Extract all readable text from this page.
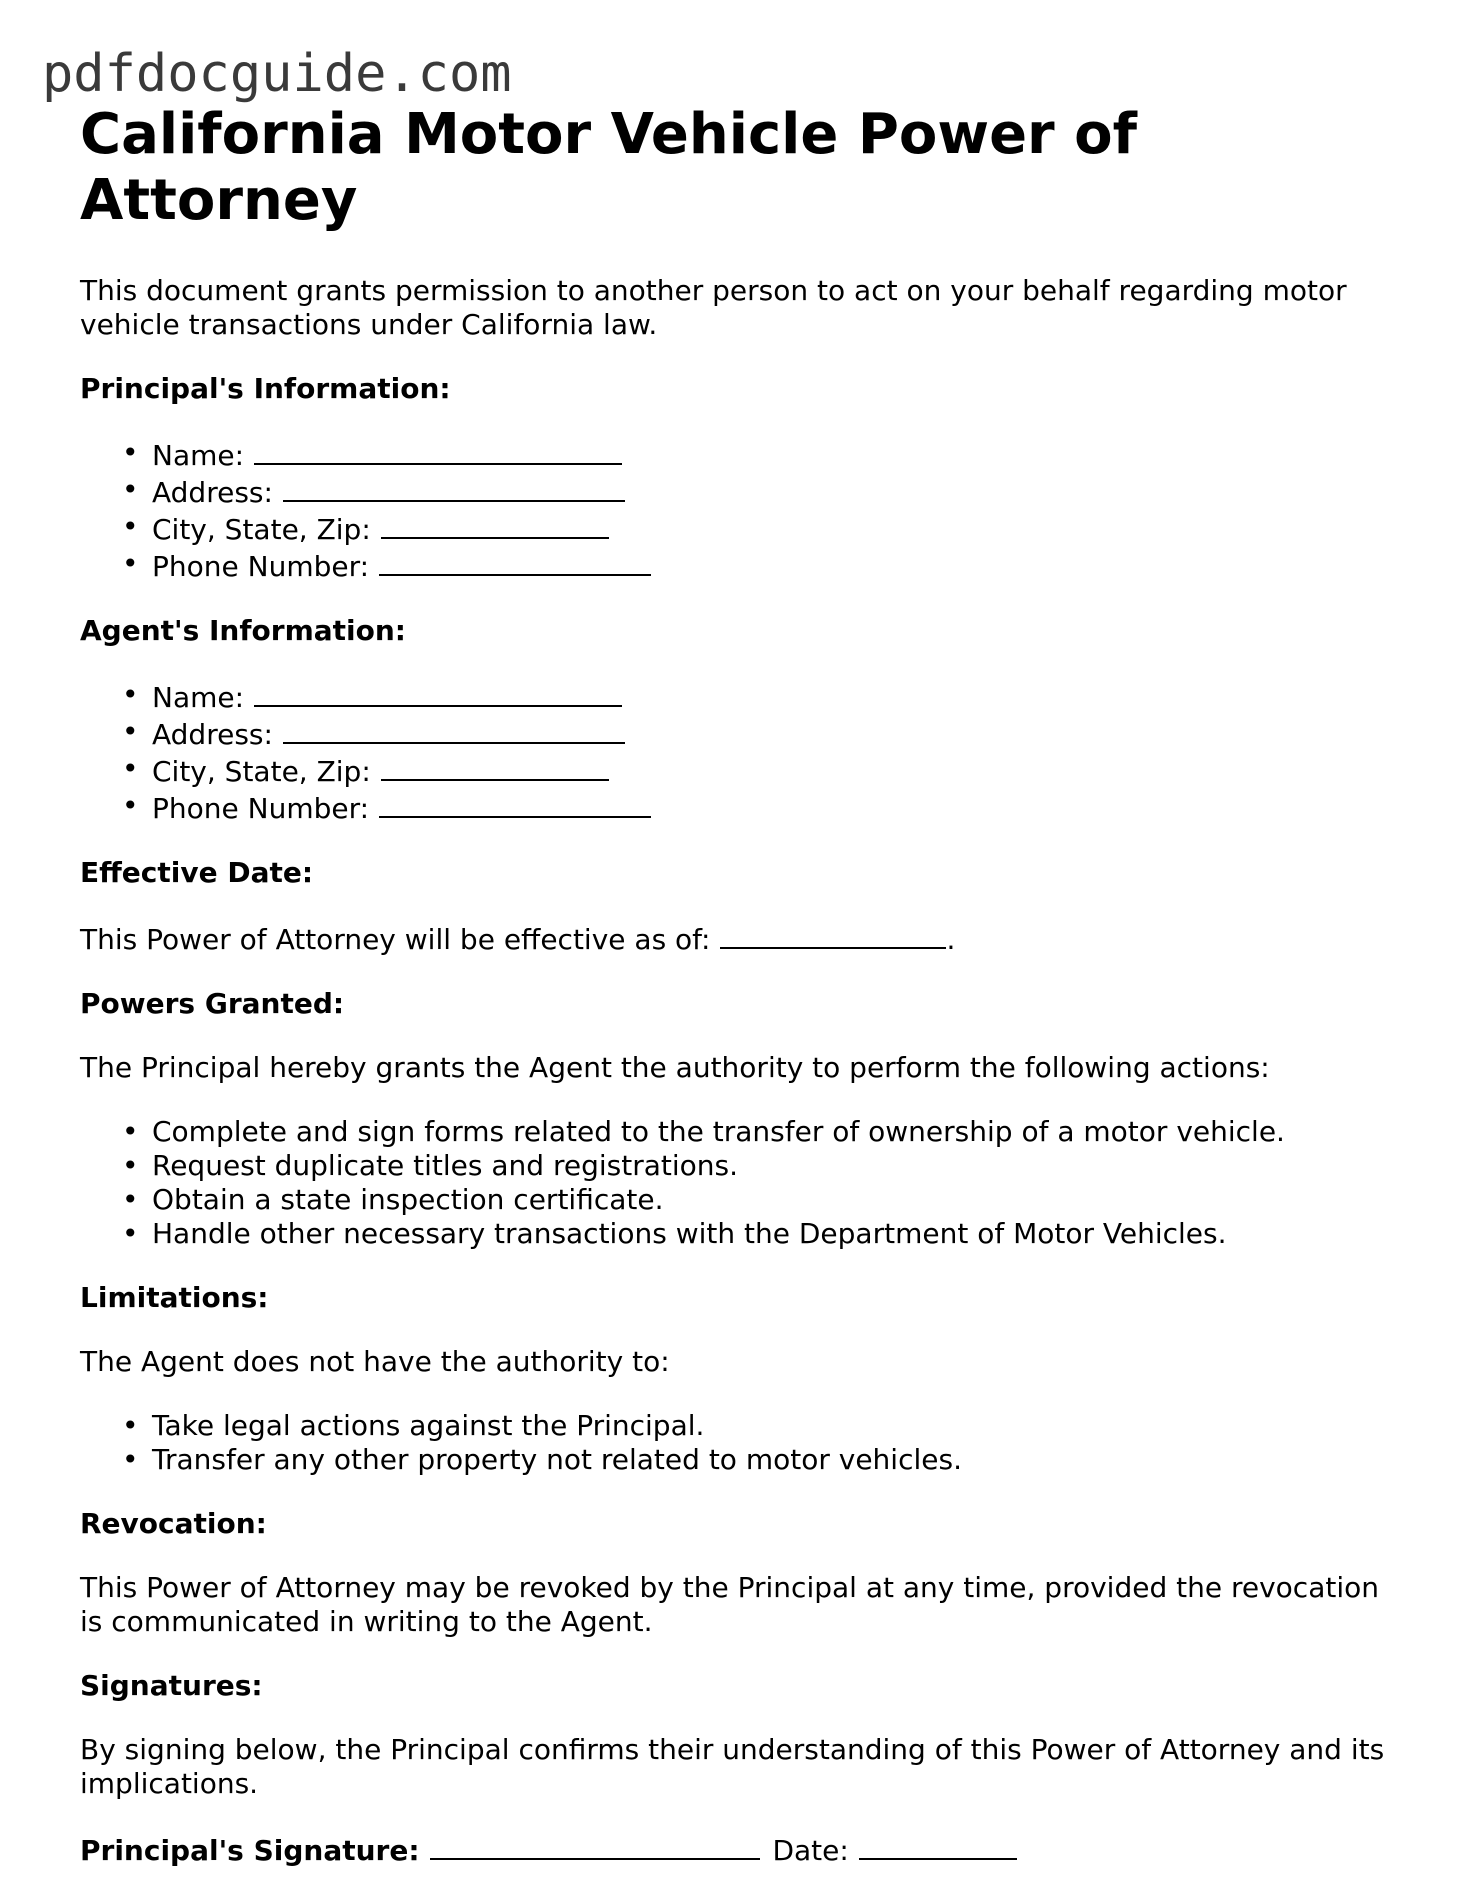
pdfdocguide.com
California Motor Vehicle Power of Attorney

This document grants permission to another person to act on your behalf regarding motor vehicle transactions under California law.

Principal's Information:
• Name:
• Address:
• City, State, Zip:
• Phone Number:
Agent's Information:
• Name:
• Address:
• City, State, Zip:
• Phone Number:
Effective Date:

This Power of Attorney will be effective as of:	.

Powers Granted:

The Principal hereby grants the Agent the authority to perform the following actions:

• Complete and sign forms related to the transfer of ownership of a motor vehicle.
• Request duplicate titles and registrations.
• Obtain a state inspection certificate.
• Handle other necessary transactions with the Department of Motor Vehicles.
Limitations:

The Agent does not have the authority to:

• Take legal actions against the Principal.
• Transfer any other property not related to motor vehicles.
Revocation:

This Power of Attorney may be revoked by the Principal at any time, provided the revocation is communicated in writing to the Agent.

Signatures:

By signing below, the Principal confirms their understanding of this Power of Attorney and its implications.

Principal's Signature:	Date:
